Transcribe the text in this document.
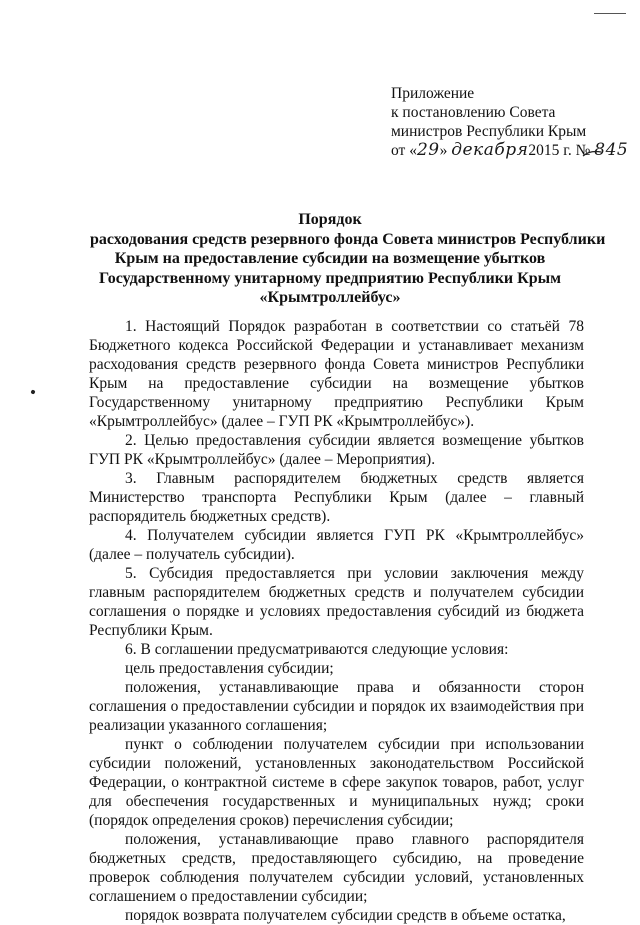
Приложение
к постановлению Совета
министров Республики Крым
от «29» декабря2015 г. № 845
Порядок
расходования средств резервного фонда Совета министров Республики
Крым на предоставление субсидии на возмещение убытков
Государственному унитарному предприятию Республики Крым
«Крымтроллейбус»

1. Настоящий Порядок разработан в соответствии со статьёй 78 Бюджетного кодекса Российской Федерации и устанавливает механизм расходования средств резервного фонда Совета министров Республики Крым на предоставление субсидии на возмещение убытков Государственному унитарному предприятию Республики Крым «Крымтроллейбус» (далее – ГУП РК «Крымтроллейбус»).

2. Целью предоставления субсидии является возмещение убытков ГУП РК «Крымтроллейбус» (далее – Мероприятия).

3. Главным распорядителем бюджетных средств является Министерство транспорта Республики Крым (далее – главный распорядитель бюджетных средств).

4. Получателем субсидии является ГУП РК «Крымтроллейбус» (далее – получатель субсидии).

5. Субсидия предоставляется при условии заключения между главным распорядителем бюджетных средств и получателем субсидии соглашения о порядке и условиях предоставления субсидий из бюджета Республики Крым.

6. В соглашении предусматриваются следующие условия:

цель предоставления субсидии;

положения, устанавливающие права и обязанности сторон соглашения о предоставлении субсидии и порядок их взаимодействия при реализации указанного соглашения;

пункт о соблюдении получателем субсидии при использовании субсидии положений, установленных законодательством Российской Федерации, о контрактной системе в сфере закупок товаров, работ, услуг для обеспечения государственных и муниципальных нужд; сроки (порядок определения сроков) перечисления субсидии;

положения, устанавливающие право главного распорядителя бюджетных средств, предоставляющего субсидию, на проведение проверок соблюдения получателем субсидии условий, установленных соглашением о предоставлении субсидии;

порядок возврата получателем субсидии средств в объеме остатка,
